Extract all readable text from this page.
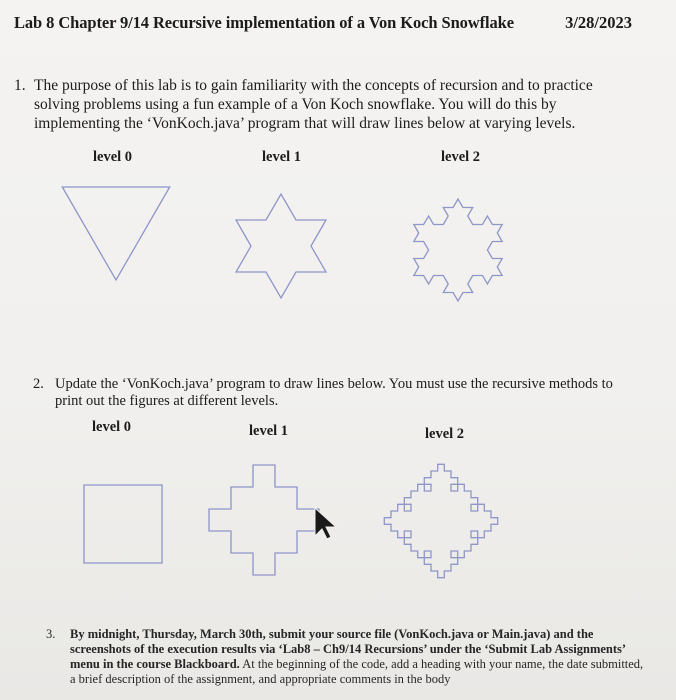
Lab 8 Chapter 9/14 Recursive implementation of a Von Koch Snowflake	3/28/2023
1. The purpose of this lab is to gain familiarity with the concepts of recursion and to practice solving problems using a fun example of a Von Koch snowflake. You will do this by implementing the ‘VonKoch.java’ program that will draw lines below at varying levels.
level 0	level 1	level 2
2. Update the ‘VonKoch.java’ program to draw lines below. You must use the recursive methods to print out the figures at different levels.
level 0	level 1	level 2
3. By midnight, Thursday, March 30th, submit your source file (VonKoch.java or Main.java) and the screenshots of the execution results via ‘Lab8 – Ch9/14 Recursions’ under the ‘Submit Lab Assignments’ menu in the course Blackboard. At the beginning of the code, add a heading with your name, the date submitted, a brief description of the assignment, and appropriate comments in the body
